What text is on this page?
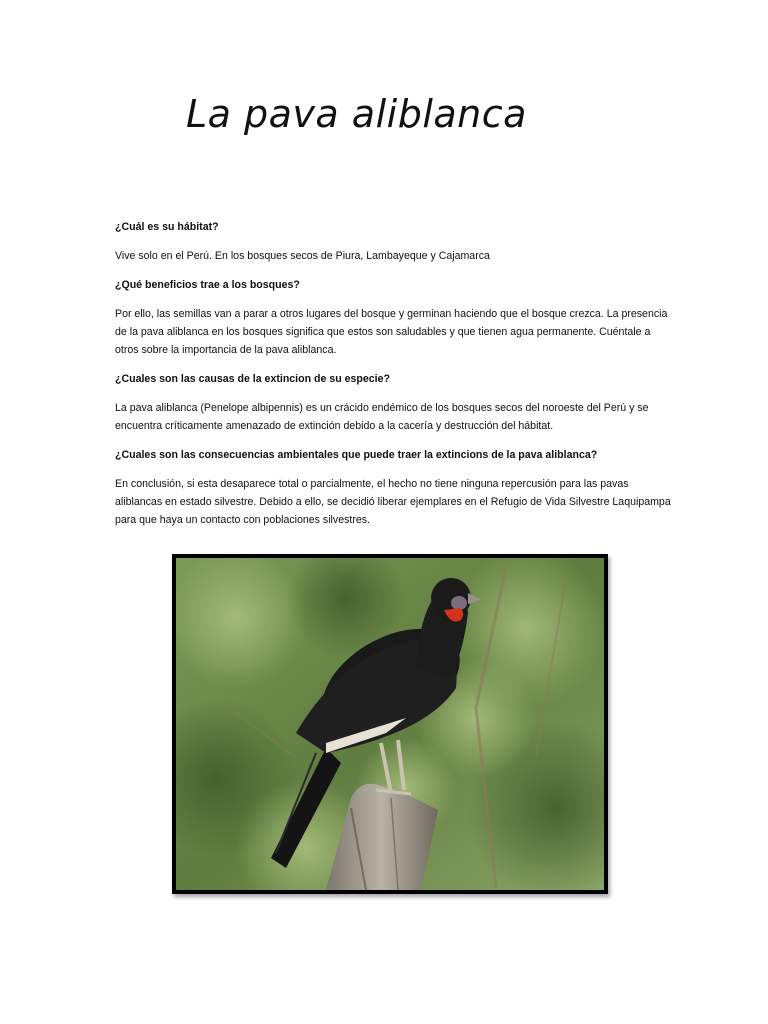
La pava aliblanca

¿Cuál es su hábitat?

Vive solo en el Perú. En los bosques secos de Piura, Lambayeque y Cajamarca

¿Qué beneficios trae a los bosques?

Por ello, las semillas van a parar a otros lugares del bosque y germinan haciendo que el bosque crezca. La presencia de la pava aliblanca en los bosques significa que estos son saludables y que tienen agua permanente. Cuéntale a otros sobre la importancia de la pava aliblanca.

¿Cuales son las causas de la extincion de su especie?

La pava aliblanca (Penelope albipennis) es un crácido endémico de los bosques secos del noroeste del Perú y se encuentra críticamente amenazado de extinción debido a la cacería y destrucción del hábitat.

¿Cuales son las consecuencias ambientales que puede traer la extincions de la pava aliblanca?

En conclusión, si esta desaparece total o parcialmente, el hecho no tiene ninguna repercusión para las pavas aliblancas en estado silvestre. Debido a ello, se decidió liberar ejemplares en el Refugio de Vida Silvestre Laquipampa para que haya un contacto con poblaciones silvestres.
